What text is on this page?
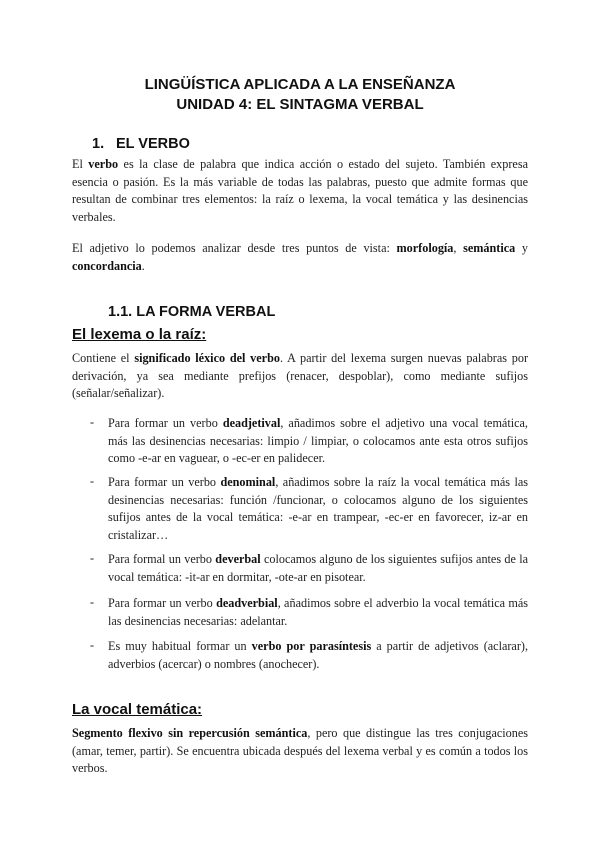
LINGÜÍSTICA APLICADA A LA ENSEÑANZA
UNIDAD 4: EL SINTAGMA VERBAL
1. EL VERBO
El verbo es la clase de palabra que indica acción o estado del sujeto. También expresa esencia o pasión. Es la más variable de todas las palabras, puesto que admite formas que resultan de combinar tres elementos: la raíz o lexema, la vocal temática y las desinencias verbales.
El adjetivo lo podemos analizar desde tres puntos de vista: morfología, semántica y concordancia.
1.1. LA FORMA VERBAL
El lexema o la raíz:
Contiene el significado léxico del verbo. A partir del lexema surgen nuevas palabras por derivación, ya sea mediante prefijos (renacer, despoblar), como mediante sufijos (señalar/señalizar).
- Para formar un verbo deadjetival, añadimos sobre el adjetivo una vocal temática, más las desinencias necesarias: limpio / limpiar, o colocamos ante esta otros sufijos como -e-ar en vaguear, o -ec-er en palidecer.
- Para formar un verbo denominal, añadimos sobre la raíz la vocal temática más las desinencias necesarias: función /funcionar, o colocamos alguno de los siguientes sufijos antes de la vocal temática: -e-ar en trampear, -ec-er en favorecer, iz-ar en cristalizar…
- Para formal un verbo deverbal colocamos alguno de los siguientes sufijos antes de la vocal temática: -it-ar en dormitar, -ote-ar en pisotear.
- Para formar un verbo deadverbial, añadimos sobre el adverbio la vocal temática más las desinencias necesarias: adelantar.
- Es muy habitual formar un verbo por parasíntesis a partir de adjetivos (aclarar), adverbios (acercar) o nombres (anochecer).
La vocal temática:
Segmento flexivo sin repercusión semántica, pero que distingue las tres conjugaciones (amar, temer, partir). Se encuentra ubicada después del lexema verbal y es común a todos los verbos.
